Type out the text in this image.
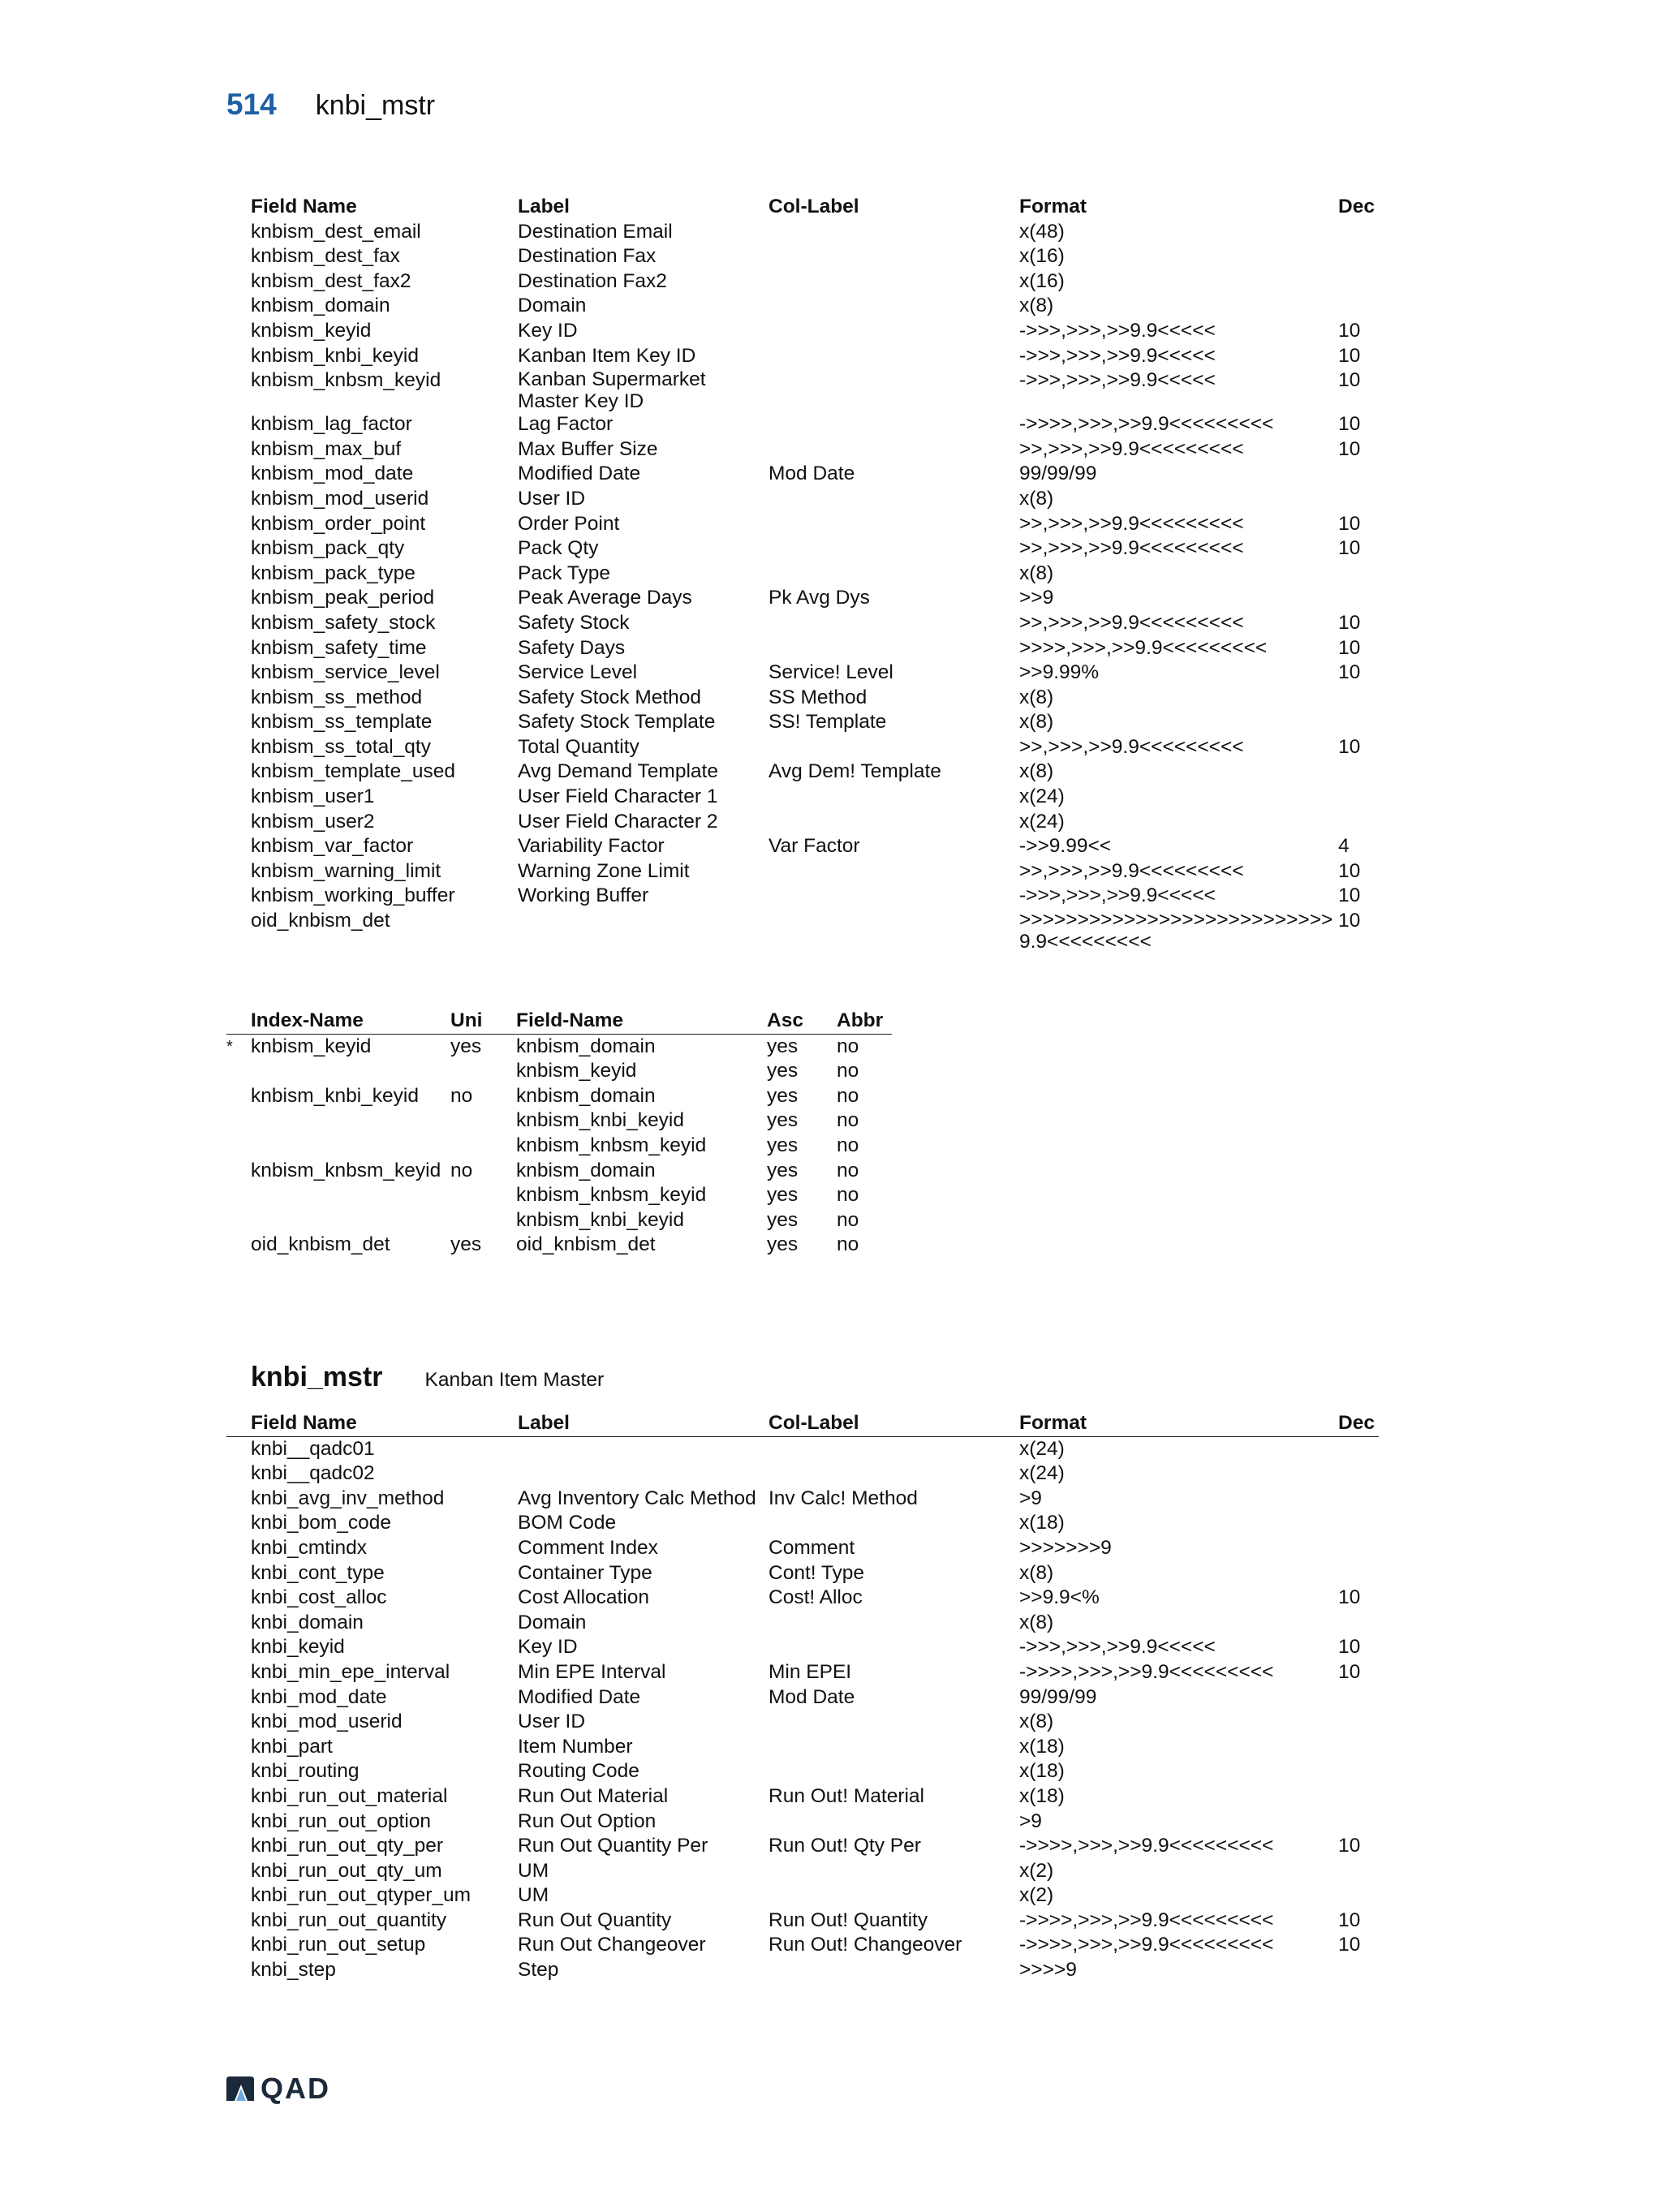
514 knbi_mstr
Field Name	Label	Col-Label	Format	Dec
knbism_dest_email	Destination Email		x(48)	
knbism_dest_fax	Destination Fax		x(16)	
knbism_dest_fax2	Destination Fax2		x(16)	
knbism_domain	Domain		x(8)	
knbism_keyid	Key ID		->>>,>>>,>>9.9<<<<<	10
knbism_knbi_keyid	Kanban Item Key ID		->>>,>>>,>>9.9<<<<<	10
knbism_knbsm_keyid	Kanban Supermarket Master Key ID		->>>,>>>,>>9.9<<<<<	10
knbism_lag_factor	Lag Factor		->>>>,>>>,>>9.9<<<<<<<<<	10
knbism_max_buf	Max Buffer Size		>>,>>>,>>9.9<<<<<<<<<	10
knbism_mod_date	Modified Date	Mod Date	99/99/99	
knbism_mod_userid	User ID		x(8)	
knbism_order_point	Order Point		>>,>>>,>>9.9<<<<<<<<<	10
knbism_pack_qty	Pack Qty		>>,>>>,>>9.9<<<<<<<<<	10
knbism_pack_type	Pack Type		x(8)	
knbism_peak_period	Peak Average Days	Pk Avg Dys	>>9	
knbism_safety_stock	Safety Stock		>>,>>>,>>9.9<<<<<<<<<	10
knbism_safety_time	Safety Days		>>>>,>>>,>>9.9<<<<<<<<<	10
knbism_service_level	Service Level	Service! Level	>>9.99%	10
knbism_ss_method	Safety Stock Method	SS Method	x(8)	
knbism_ss_template	Safety Stock Template	SS! Template	x(8)	
knbism_ss_total_qty	Total Quantity		>>,>>>,>>9.9<<<<<<<<<	10
knbism_template_used	Avg Demand Template	Avg Dem! Template	x(8)	
knbism_user1	User Field Character 1		x(24)	
knbism_user2	User Field Character 2		x(24)	
knbism_var_factor	Variability Factor	Var Factor	->>9.99<<	4
knbism_warning_limit	Warning Zone Limit		>>,>>>,>>9.9<<<<<<<<<	10
knbism_working_buffer	Working Buffer		->>>,>>>,>>9.9<<<<<	10
oid_knbism_det			>>>>>>>>>>>>>>>>>>>>>>>>>>>9.9<<<<<<<<<	10
	Index-Name	Uni	Field-Name	Asc	Abbr
*	knbism_keyid	yes	knbism_domain	yes	no
			knbism_keyid	yes	no
	knbism_knbi_keyid	no	knbism_domain	yes	no
			knbism_knbi_keyid	yes	no
			knbism_knbsm_keyid	yes	no
	knbism_knbsm_keyid	no	knbism_domain	yes	no
			knbism_knbsm_keyid	yes	no
			knbism_knbi_keyid	yes	no
	oid_knbism_det	yes	oid_knbism_det	yes	no
knbi_mstr Kanban Item Master
	Field Name	Label	Col-Label	Format	Dec
	knbi__qadc01			x(24)	
	knbi__qadc02			x(24)	
	knbi_avg_inv_method	Avg Inventory Calc Method	Inv Calc! Method	>9	
	knbi_bom_code	BOM Code		x(18)	
	knbi_cmtindx	Comment Index	Comment	>>>>>>>9	
	knbi_cont_type	Container Type	Cont! Type	x(8)	
	knbi_cost_alloc	Cost Allocation	Cost! Alloc	>>9.9<%	10
	knbi_domain	Domain		x(8)	
	knbi_keyid	Key ID		->>>,>>>,>>9.9<<<<<	10
	knbi_min_epe_interval	Min EPE Interval	Min EPEI	->>>>,>>>,>>9.9<<<<<<<<<	10
	knbi_mod_date	Modified Date	Mod Date	99/99/99	
	knbi_mod_userid	User ID		x(8)	
	knbi_part	Item Number		x(18)	
	knbi_routing	Routing Code		x(18)	
	knbi_run_out_material	Run Out Material	Run Out! Material	x(18)	
	knbi_run_out_option	Run Out Option		>9	
	knbi_run_out_qty_per	Run Out Quantity Per	Run Out! Qty Per	->>>>,>>>,>>9.9<<<<<<<<<	10
	knbi_run_out_qty_um	UM		x(2)	
	knbi_run_out_qtyper_um	UM		x(2)	
	knbi_run_out_quantity	Run Out Quantity	Run Out! Quantity	->>>>,>>>,>>9.9<<<<<<<<<	10
	knbi_run_out_setup	Run Out Changeover	Run Out! Changeover	->>>>,>>>,>>9.9<<<<<<<<<	10
	knbi_step	Step		>>>>9	
QAD
